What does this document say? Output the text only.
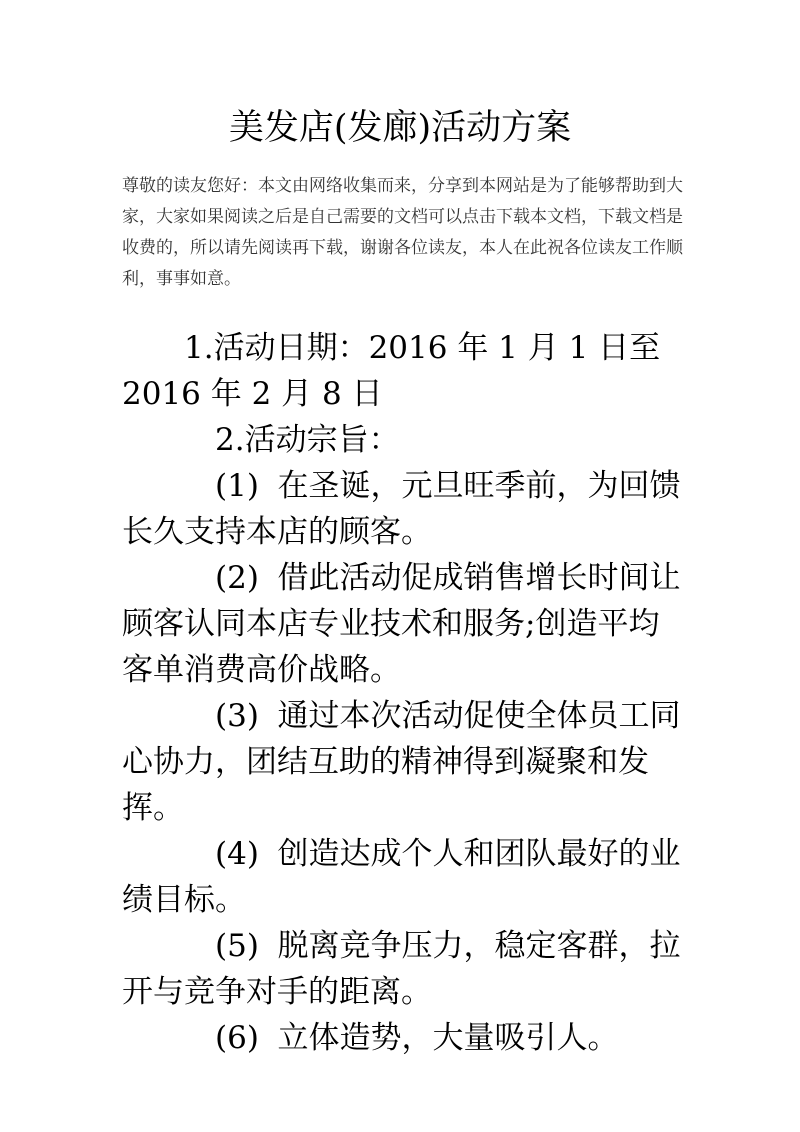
美发店(发廊)活动方案

尊敬的读友您好：本文由网络收集而来，分享到本网站是为了能够帮助到大家，大家如果阅读之后是自己需要的文档可以点击下载本文档，下载文档是收费的，所以请先阅读再下载，谢谢各位读友，本人在此祝各位读友工作顺利，事事如意。

1.活动日期：2016 年 1 月 1 日至 2016 年 2 月 8 日

2.活动宗旨：

(1) 在圣诞，元旦旺季前，为回馈长久支持本店的顾客。

(2) 借此活动促成销售增长时间让顾客认同本店专业技术和服务;创造平均客单消费高价战略。

(3) 通过本次活动促使全体员工同心协力，团结互助的精神得到凝聚和发挥。

(4) 创造达成个人和团队最好的业绩目标。

(5) 脱离竞争压力，稳定客群，拉开与竞争对手的距离。

(6) 立体造势，大量吸引人。
